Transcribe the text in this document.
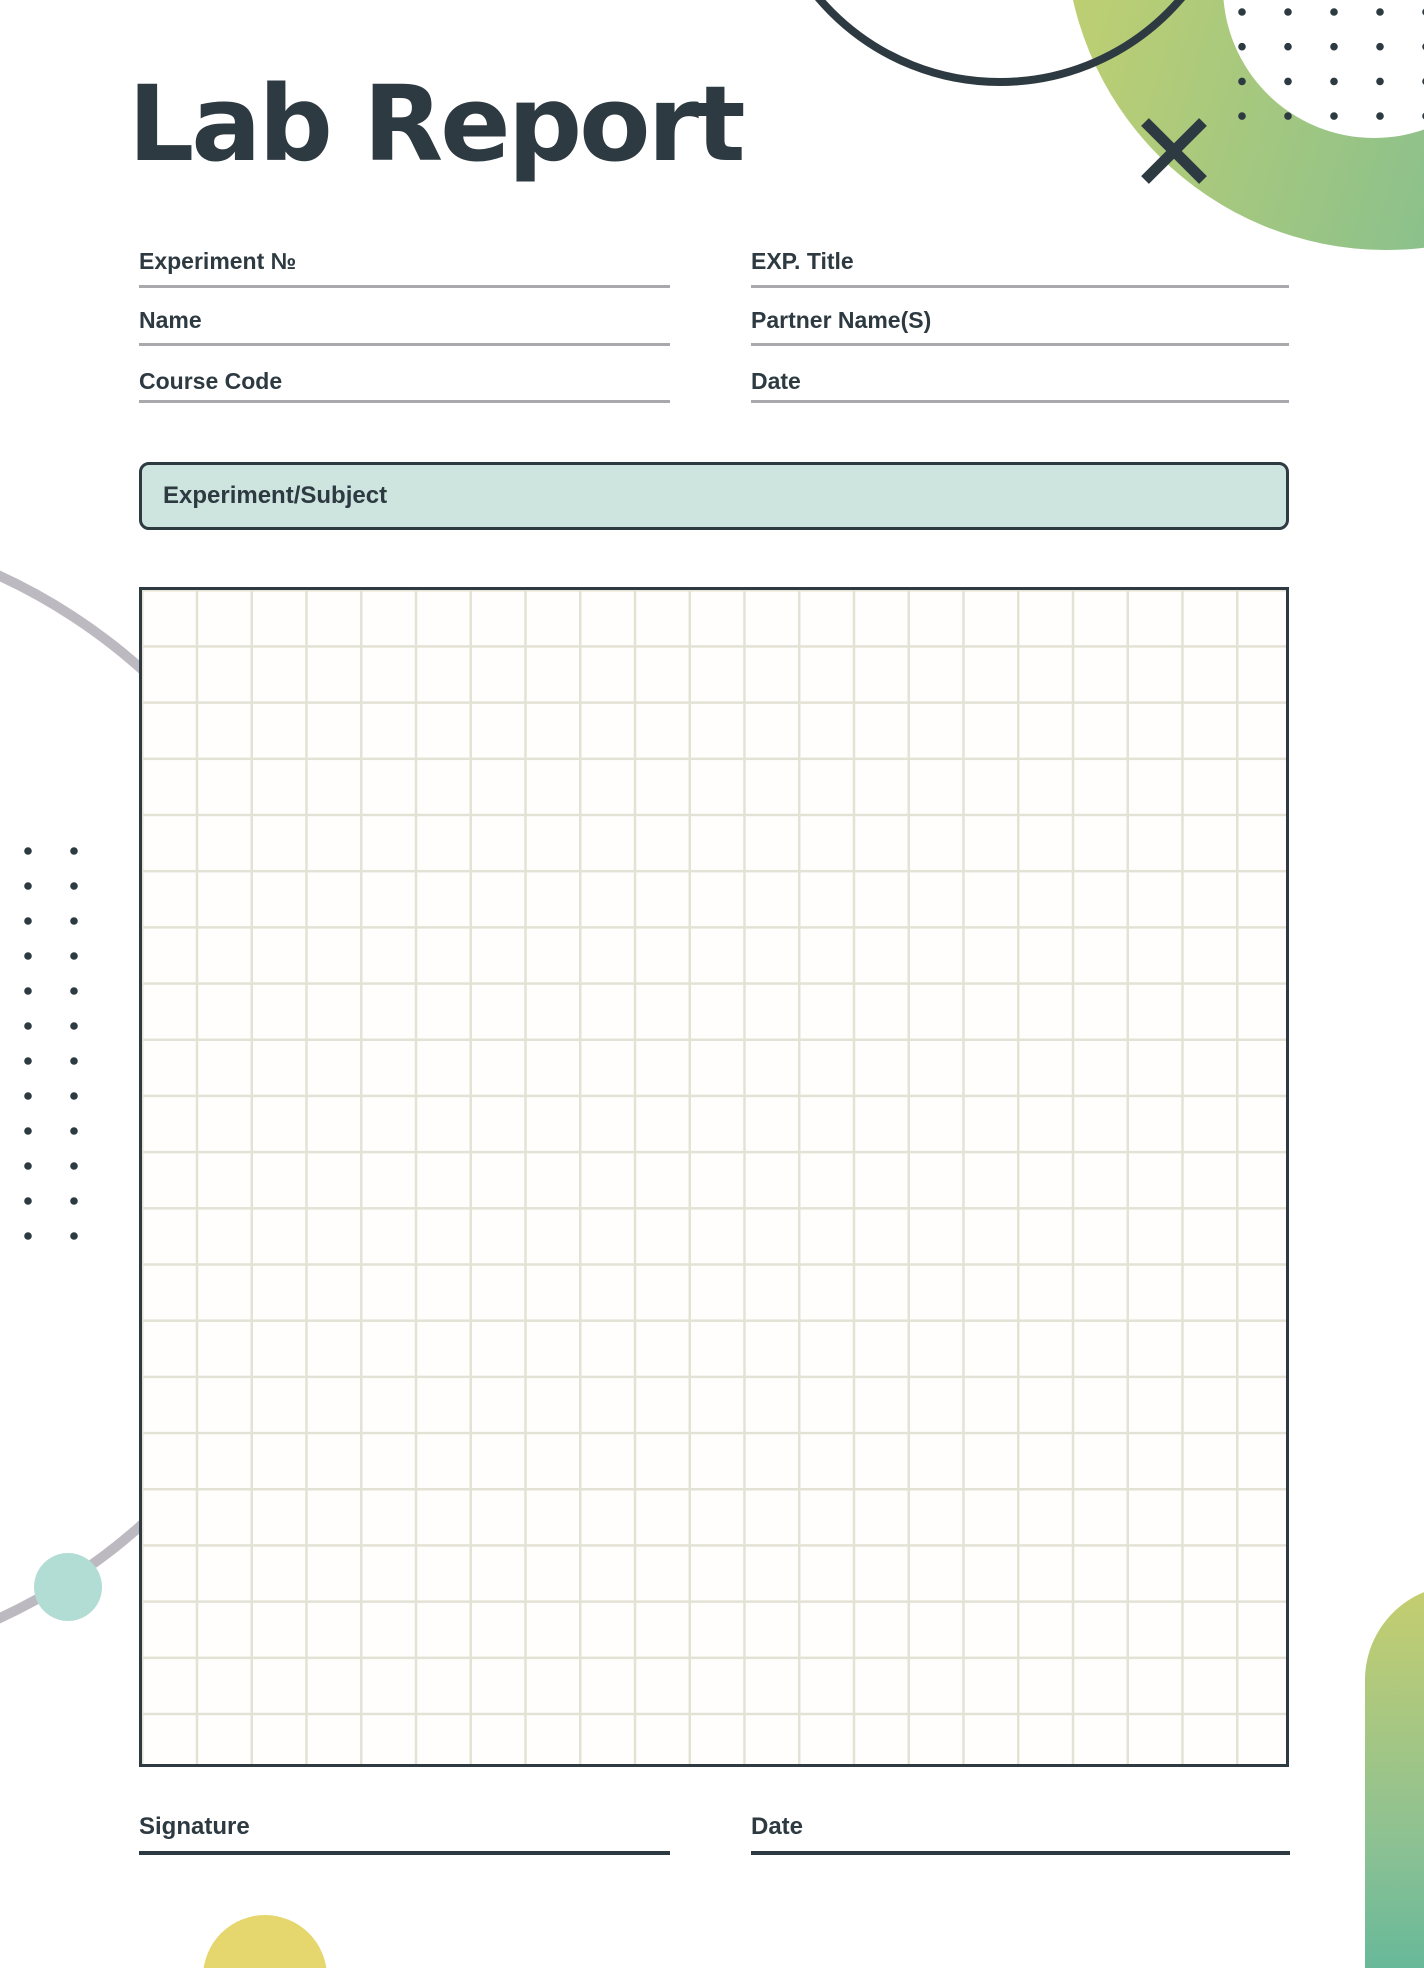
Lab Report
Experiment №
Name
Course Code
EXP. Title
Partner Name(S)
Date
Experiment/Subject
Signature	Date
